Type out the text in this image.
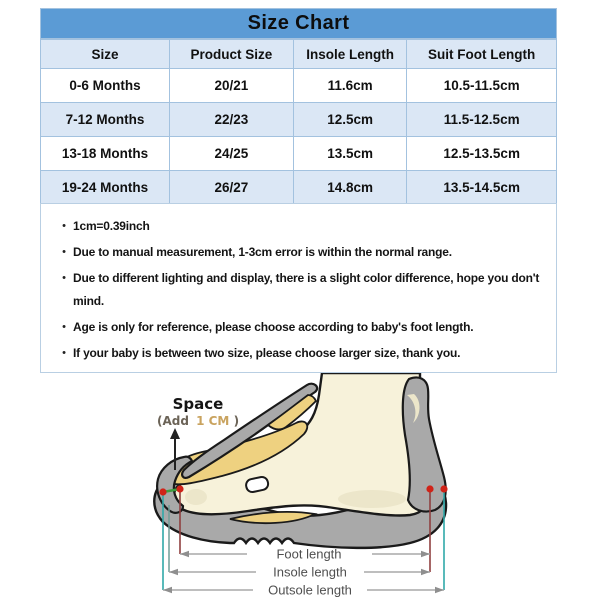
Size Chart
Size	Product Size	Insole Length	Suit Foot Length
0-6 Months	20/21	11.6cm	10.5-11.5cm
7-12 Months	22/23	12.5cm	11.5-12.5cm
13-18 Months	24/25	13.5cm	12.5-13.5cm
19-24 Months	26/27	14.8cm	13.5-14.5cm
• 1cm=0.39inch
• Due to manual measurement, 1-3cm error is within the normal range.
• Due to different lighting and display, there is a slight color difference, hope you don't mind.
• Age is only for reference, please choose according to baby's foot length.
• If your baby is between two size, please choose larger size, thank you.
Space
(Add 1 CM )
Foot length
Insole length
Outsole length
